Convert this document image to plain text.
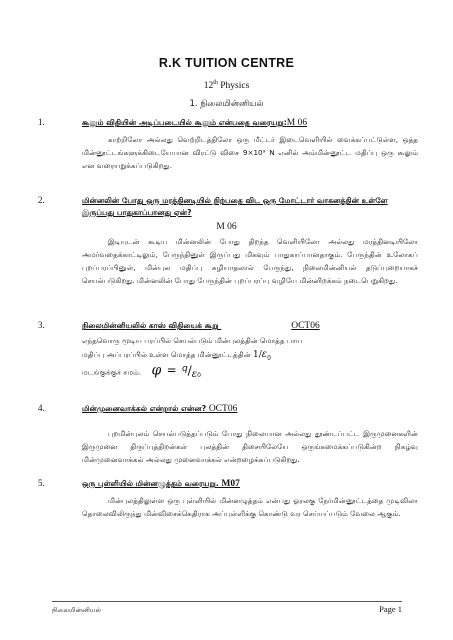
R.K TUITION CENTRE
12th Physics
1. நிலைமின்னியல்
1.	கூலும் விதியின் அடிப்படையில் கூலும் என்பதை வரையறு:M 06
காற்றிலோ அல்லது வெற்றிடத்திலோ ஒரு மீட்டர் இடைவெளியில் வைக்கப்பட்டுள்ள, ஒத்த மின்னூட்டங்களுக்கிடையேயான விரட்டு விசை 9×10⁹ N எனில் அம்மின்னூட்ட மதிப்பு ஒரு கூலும் என வரையறுக்கப்படுகிறது.
2.	மின்னலின் போது ஒரு மரத்தினடியில் நிற்பதை விட ஒரு மோட்டார் வாகனத்தின் உள்ளே இருப்பது பாதுகாப்பானது ஏன்?
M 06
இடியுடன் கூடிய மின்னலின் போது திறந்த வெளியிலோ அல்லது மரத்தினடியிலோ அமர்வதைக்காட்டிலும், பேருந்தினுள் இருப்பது மிகவும் பாதுகாப்பானதாகும். பேருந்தின் உலோகப் புறப்பரப்பினுள், மின்புல மதிப்பு சுழியாதலால் பேருந்து, நிலைமின்னியல் தடுப்புறையாகச் செயல்படுகிறது. மின்னலின் போது பேருந்தின் புறப்பரப்பு வழியே மின்னிறக்கம் நடைபெறுகிறது.
3.	நிலைமின்னியலில் காஸ் விதியைக் கூறு	OCT06
எந்தவொரு மூடிய பரப்பில் செயல்படும் மின்புலத்தின் மொத்த பாய
மதிப்பு அப்பரப்பில் உள்ள மொத்த மின்னூட்டத்தின் $1/\varepsilon_0$
மடங்குக்குச் சமம். $\varphi = ^q/_{\varepsilon 0}$
4.	மின்முனைவாக்கல் என்றால் என்ன? OCT06
புறமின்புலம் செயல்படுத்தப்படும் போது நிலையான அல்லது தூண்டப்பட்ட இருமுனைகளின் இருமுனை திருப்புத்திறன்கள் புலத்தின் திசையிலேயே ஒருங்கமைக்கப்படுகின்ற நிகழ்வு மின்முனைவாக்கல் அல்லது முனைவாக்கல் என்றழைக்கப்படுகிறது.
5.	ஒரு புள்ளியில் மின்னழுத்தம் வரையறு. M07
மின்புலத்திலுள்ள ஒரு புள்ளியில் மின்னழுத்தம் என்பது ஓரலகு நேர்மின்னூட்டத்தை முடிவிலா தொலைவிலிருந்து மின்விசைக்கெதிராக அப்புள்ளிக்கு கொண்டு வர செய்யப்படும் வேலை ஆகும்.
நிலைமின்னியல்	Page 1
